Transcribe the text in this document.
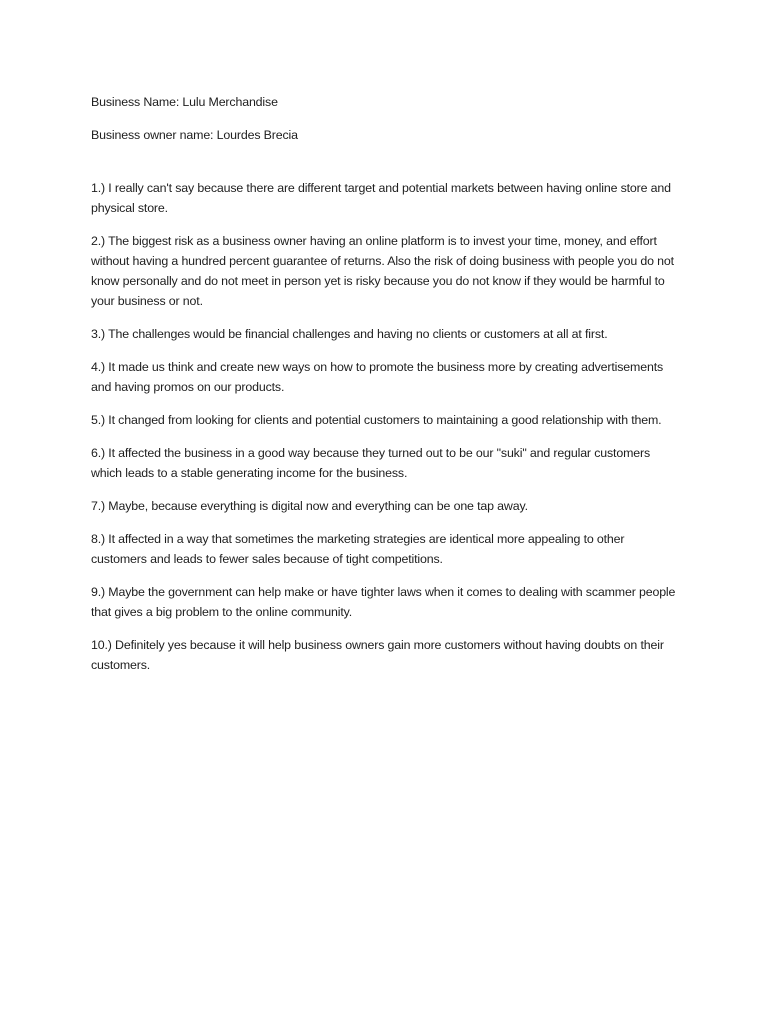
Business Name: Lulu Merchandise

Business owner name: Lourdes Brecia

1.) I really can't say because there are different target and potential markets between having online store and physical store.

2.) The biggest risk as a business owner having an online platform is to invest your time, money, and effort without having a hundred percent guarantee of returns. Also the risk of doing business with people you do not know personally and do not meet in person yet is risky because you do not know if they would be harmful to your business or not.

3.) The challenges would be financial challenges and having no clients or customers at all at first.

4.) It made us think and create new ways on how to promote the business more by creating advertisements and having promos on our products.

5.) It changed from looking for clients and potential customers to maintaining a good relationship with them.

6.) It affected the business in a good way because they turned out to be our "suki" and regular customers which leads to a stable generating income for the business.

7.) Maybe, because everything is digital now and everything can be one tap away.

8.) It affected in a way that sometimes the marketing strategies are identical more appealing to other customers and leads to fewer sales because of tight competitions.

9.) Maybe the government can help make or have tighter laws when it comes to dealing with scammer people that gives a big problem to the online community.

10.) Definitely yes because it will help business owners gain more customers without having doubts on their customers.
